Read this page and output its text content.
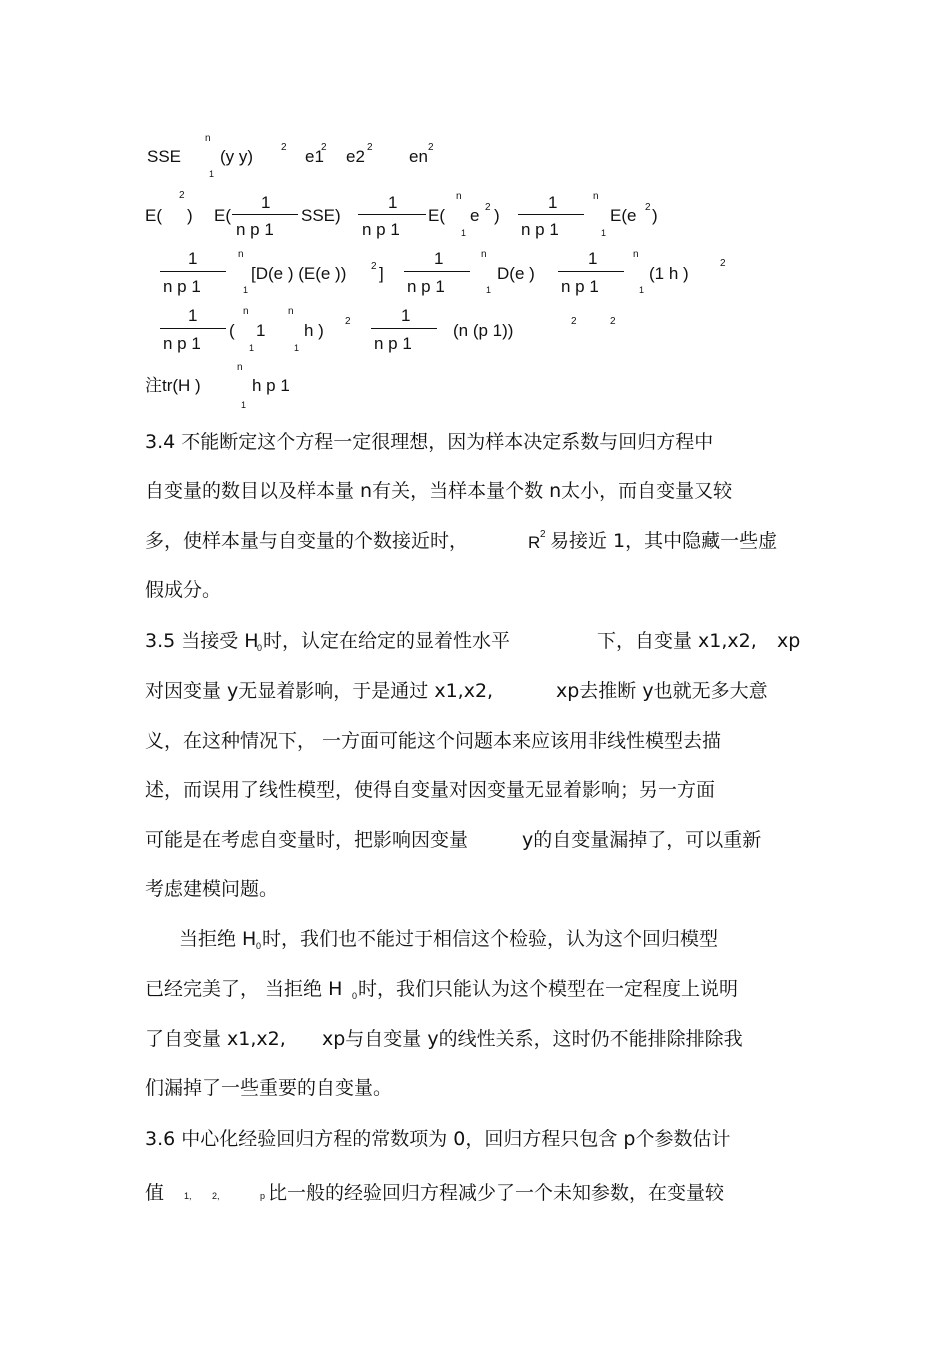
SSE
n
1
(y y)	2 e1
2 e2 2 en 2
E(
2
) E(
1
n p 1
SSE)
1
n p 1
E(
n
1
e 2 )
1
n p 1
n
1
E(e 2 )
1
n p 1
n
1
[D(e ) (E(e )) 2 ]
1
n p 1
n
1
D(e )
1
n p 1
n
1
(1 h )
2
1
n p 1
n
( 1
1
n
1
h ) 2	1
n p 1
(n (p 1))	2	2
注tr(H )
n
h p 1
1
3.4 不能断定这个方程一定很理想，因为样本决定系数与回归方程中
自变量的数目以及样本量 n有关，当样本量个数 n太小，而自变量又较
多，使样本量与自变量的个数接近时，	R 2 易接近 1，其中隐藏一些虚
假成分。
3.5 当接受 H
0 时，认定在给定的显着性水平	下，自变量 x1,x2, xp
对因变量 y无显着影响，于是通过 x1,x2,	xp去推断 y也就无多大意
义，在这种情况下， 一方面可能这个问题本来应该用非线性模型去描
述，而误用了线性模型，使得自变量对因变量无显着影响；另一方面
可能是在考虑自变量时，把影响因变量	y的自变量漏掉了，可以重新
考虑建模问题。
当拒绝 H 0 时，我们也不能过于相信这个检验，认为这个回归模型
已经完美了， 当拒绝 H 0 时，我们只能认为这个模型在一定程度上说明
了自变量 x1,x2, xp与自变量 y的线性关系，这时仍不能排除排除我
们漏掉了一些重要的自变量。
3.6 中心化经验回归方程的常数项为 0，回归方程只包含 p个参数估计
值 1, 2,	p 比一般的经验回归方程减少了一个未知参数，在变量较
